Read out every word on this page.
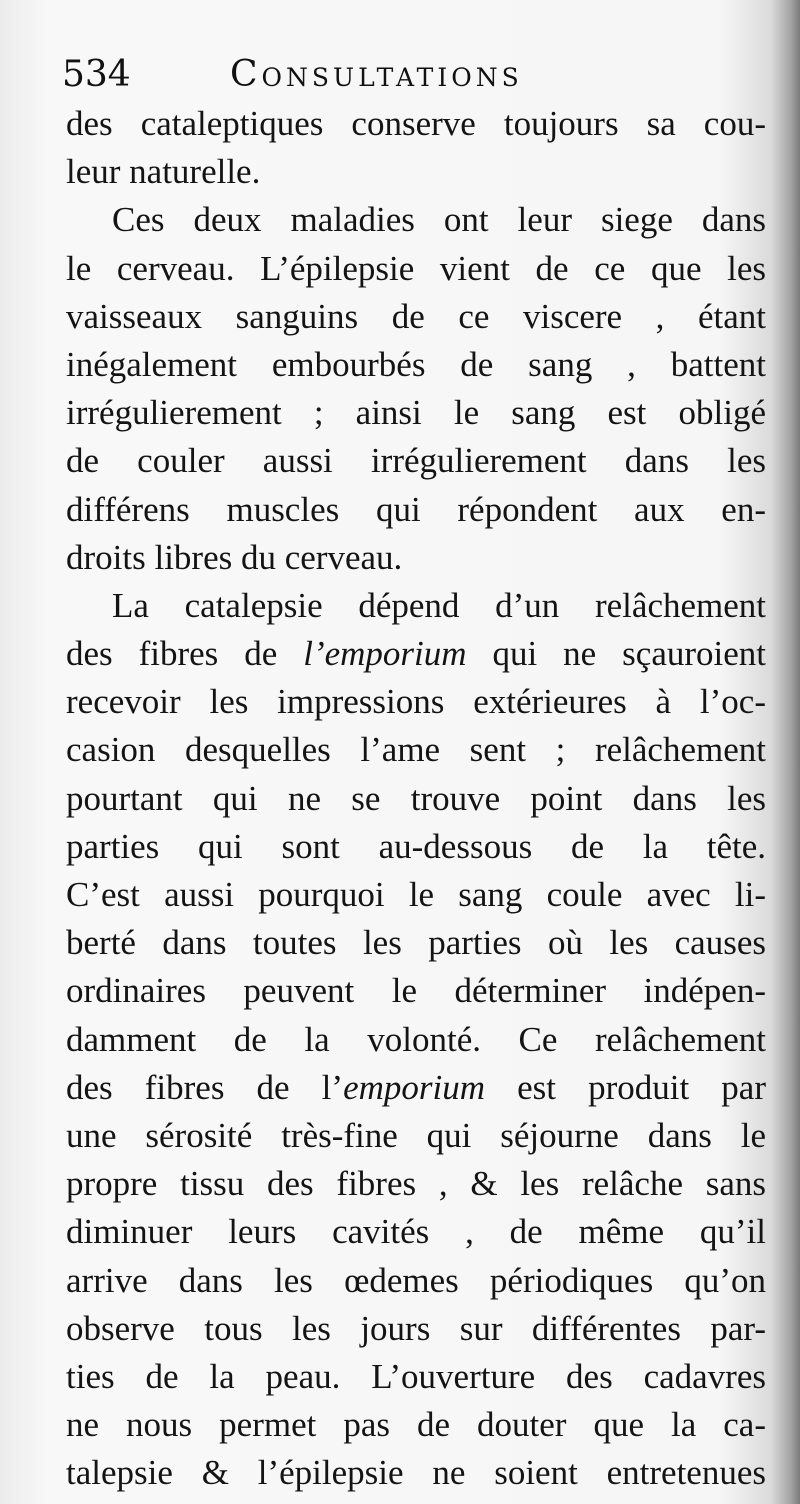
534	Consultations
des cataleptiques conserve toujours sa cou-
leur naturelle.
Ces deux maladies ont leur siege dans
le cerveau. L’épilepsie vient de ce que les
vaisseaux sanguins de ce viscere , étant
inégalement embourbés de sang , battent
irrégulierement ; ainsi le sang est obligé
de couler aussi irrégulierement dans les
différens muscles qui répondent aux en-
droits libres du cerveau.
La catalepsie dépend d’un relâchement
des fibres de l’emporium qui ne sçauroient
recevoir les impressions extérieures à l’oc-
casion desquelles l’ame sent ; relâchement
pourtant qui ne se trouve point dans les
parties qui sont au-dessous de la tête.
C’est aussi pourquoi le sang coule avec li-
berté dans toutes les parties où les causes
ordinaires peuvent le déterminer indépen-
damment de la volonté. Ce relâchement
des fibres de l’emporium est produit par
une sérosité très-fine qui séjourne dans le
propre tissu des fibres , & les relâche sans
diminuer leurs cavités , de même qu’il
arrive dans les œdemes périodiques qu’on
observe tous les jours sur différentes par-
ties de la peau. L’ouverture des cadavres
ne nous permet pas de douter que la ca-
talepsie & l’épilepsie ne soient entretenues
